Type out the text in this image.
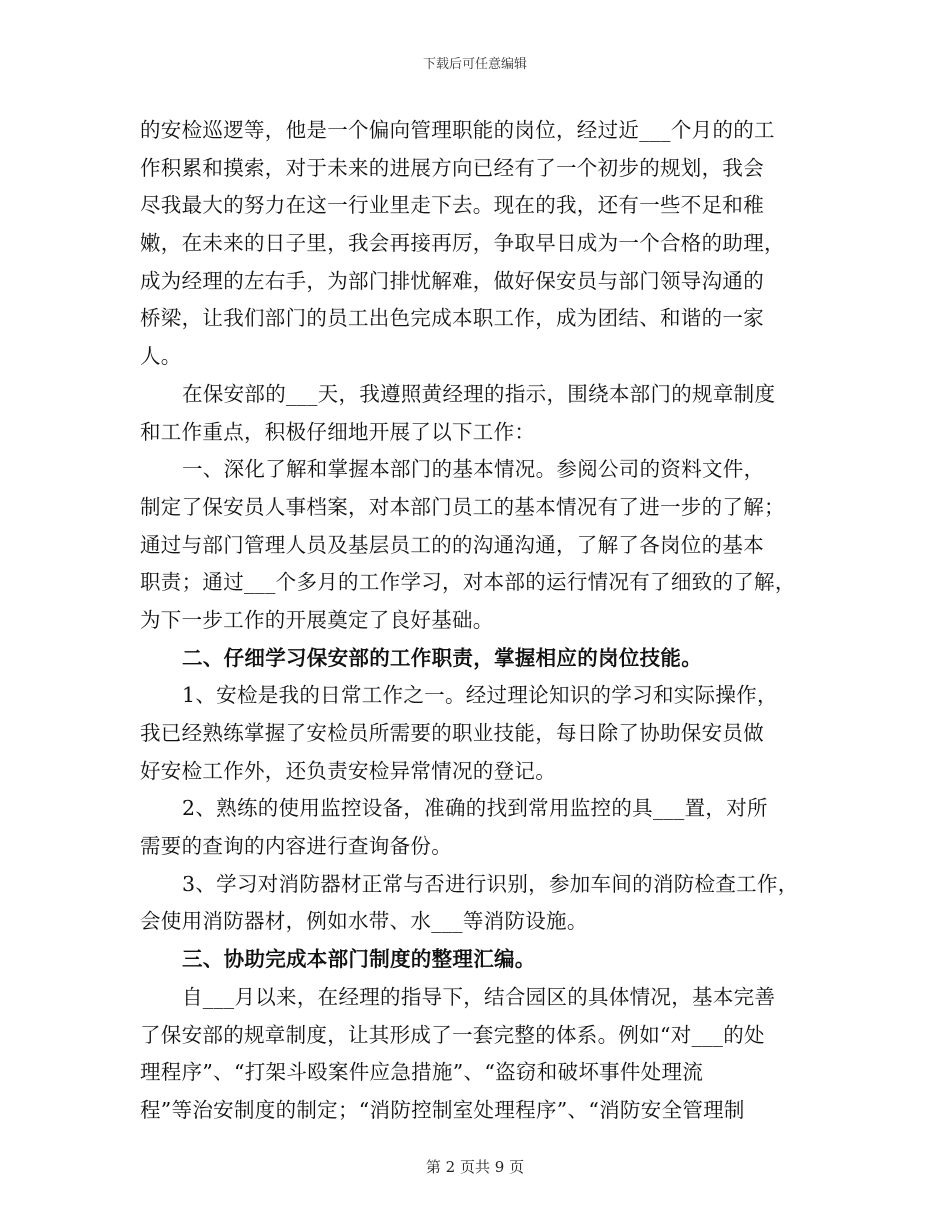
下载后可任意编辑
的安检巡逻等，他是一个偏向管理职能的岗位，经过近___个月的的工
作积累和摸索，对于未来的进展方向已经有了一个初步的规划，我会
尽我最大的努力在这一行业里走下去。现在的我，还有一些不足和稚
嫩，在未来的日子里，我会再接再厉，争取早日成为一个合格的助理，
成为经理的左右手，为部门排忧解难，做好保安员与部门领导沟通的
桥梁，让我们部门的员工出色完成本职工作，成为团结、和谐的一家
人。
在保安部的___天，我遵照黄经理的指示，围绕本部门的规章制度
和工作重点，积极仔细地开展了以下工作：
一、深化了解和掌握本部门的基本情况。参阅公司的资料文件，
制定了保安员人事档案，对本部门员工的基本情况有了进一步的了解；
通过与部门管理人员及基层员工的的沟通沟通，了解了各岗位的基本
职责；通过___个多月的工作学习，对本部的运行情况有了细致的了解，
为下一步工作的开展奠定了良好基础。
二、仔细学习保安部的工作职责，掌握相应的岗位技能。
1、安检是我的日常工作之一。经过理论知识的学习和实际操作，
我已经熟练掌握了安检员所需要的职业技能，每日除了协助保安员做
好安检工作外，还负责安检异常情况的登记。
2、熟练的使用监控设备，准确的找到常用监控的具___置，对所
需要的查询的内容进行查询备份。
3、学习对消防器材正常与否进行识别，参加车间的消防检查工作，
会使用消防器材，例如水带、水___等消防设施。
三、协助完成本部门制度的整理汇编。
自___月以来，在经理的指导下，结合园区的具体情况，基本完善
了保安部的规章制度，让其形成了一套完整的体系。例如“对___的处
理程序”、“打架斗殴案件应急措施”、“盗窃和破坏事件处理流
程”等治安制度的制定；“消防控制室处理程序”、“消防安全管理制
第 2 页共 9 页
